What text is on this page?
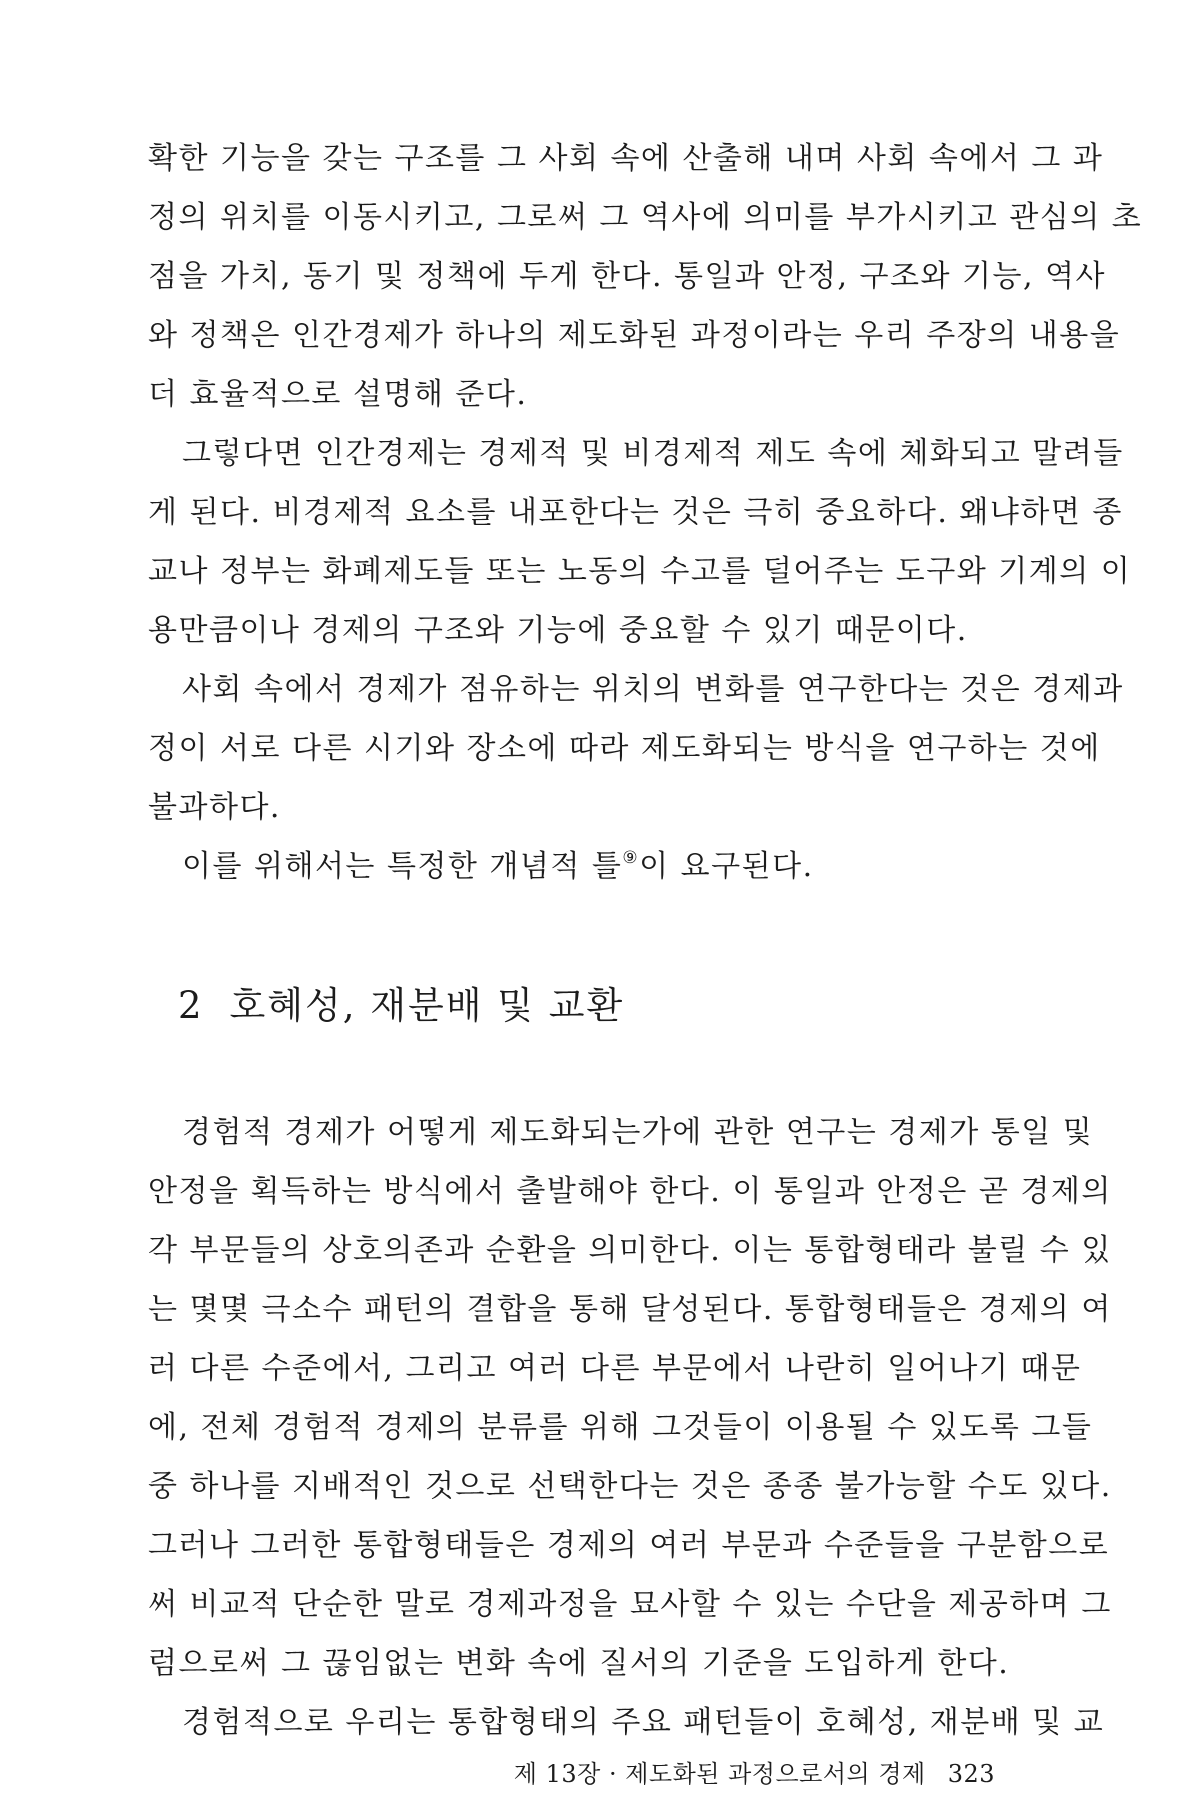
확한 기능을 갖는 구조를 그 사회 속에 산출해 내며 사회 속에서 그 과
정의 위치를 이동시키고, 그로써 그 역사에 의미를 부가시키고 관심의 초
점을 가치, 동기 및 정책에 두게 한다. 통일과 안정, 구조와 기능, 역사
와 정책은 인간경제가 하나의 제도화된 과정이라는 우리 주장의 내용을
더 효율적으로 설명해 준다.
그렇다면 인간경제는 경제적 및 비경제적 제도 속에 체화되고 말려들
게 된다. 비경제적 요소를 내포한다는 것은 극히 중요하다. 왜냐하면 종
교나 정부는 화폐제도들 또는 노동의 수고를 덜어주는 도구와 기계의 이
용만큼이나 경제의 구조와 기능에 중요할 수 있기 때문이다.
사회 속에서 경제가 점유하는 위치의 변화를 연구한다는 것은 경제과
정이 서로 다른 시기와 장소에 따라 제도화되는 방식을 연구하는 것에
불과하다.
이를 위해서는 특정한 개념적 틀⑨이 요구된다.
2 호혜성, 재분배 및 교환
경험적 경제가 어떻게 제도화되는가에 관한 연구는 경제가 통일 및
안정을 획득하는 방식에서 출발해야 한다. 이 통일과 안정은 곧 경제의
각 부문들의 상호의존과 순환을 의미한다. 이는 통합형태라 불릴 수 있
는 몇몇 극소수 패턴의 결합을 통해 달성된다. 통합형태들은 경제의 여
러 다른 수준에서, 그리고 여러 다른 부문에서 나란히 일어나기 때문
에, 전체 경험적 경제의 분류를 위해 그것들이 이용될 수 있도록 그들
중 하나를 지배적인 것으로 선택한다는 것은 종종 불가능할 수도 있다.
그러나 그러한 통합형태들은 경제의 여러 부문과 수준들을 구분함으로
써 비교적 단순한 말로 경제과정을 묘사할 수 있는 수단을 제공하며 그
럼으로써 그 끊임없는 변화 속에 질서의 기준을 도입하게 한다.
경험적으로 우리는 통합형태의 주요 패턴들이 호혜성, 재분배 및 교
제 13장 · 제도화된 과정으로서의 경제 323
